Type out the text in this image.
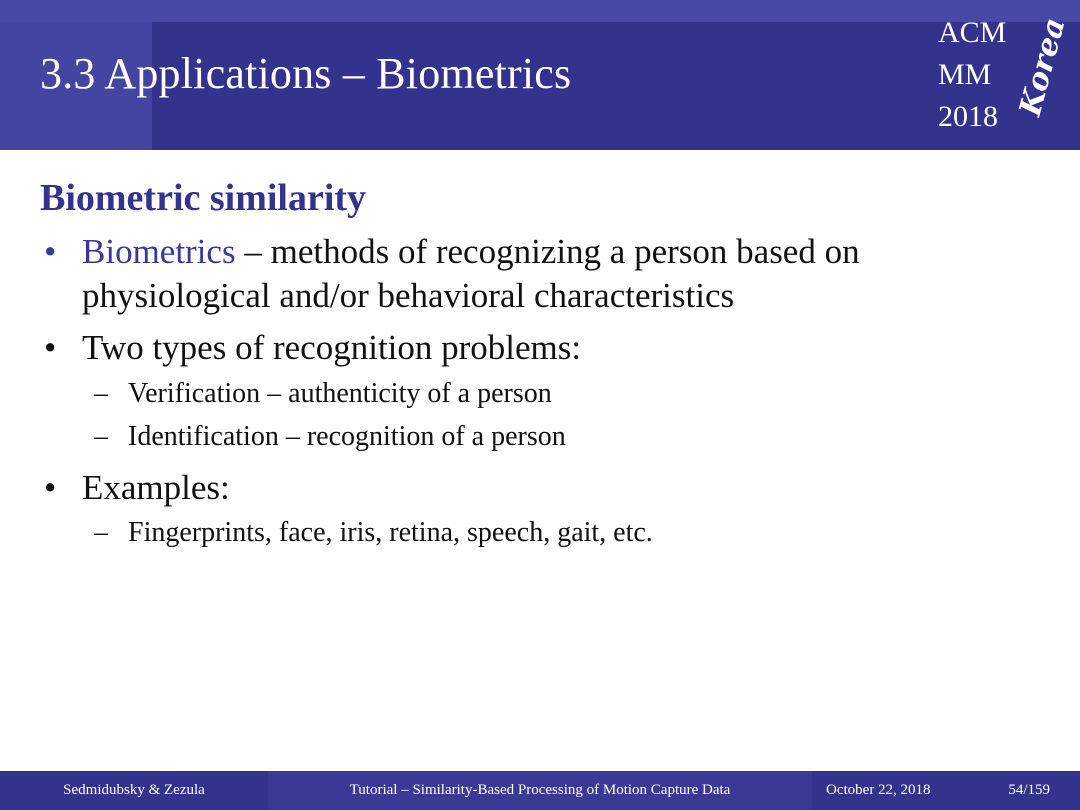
3.3 Applications – Biometrics
ACM
MM
2018 Korea
Biometric similarity
• Biometrics – methods of recognizing a person based on
physiological and/or behavioral characteristics
• Two types of recognition problems:
– Verification – authenticity of a person
– Identification – recognition of a person
• Examples:
– Fingerprints, face, iris, retina, speech, gait, etc.
Sedmidubsky & Zezula	Tutorial – Similarity-Based Processing of Motion Capture Data	October 22, 2018	54/159
